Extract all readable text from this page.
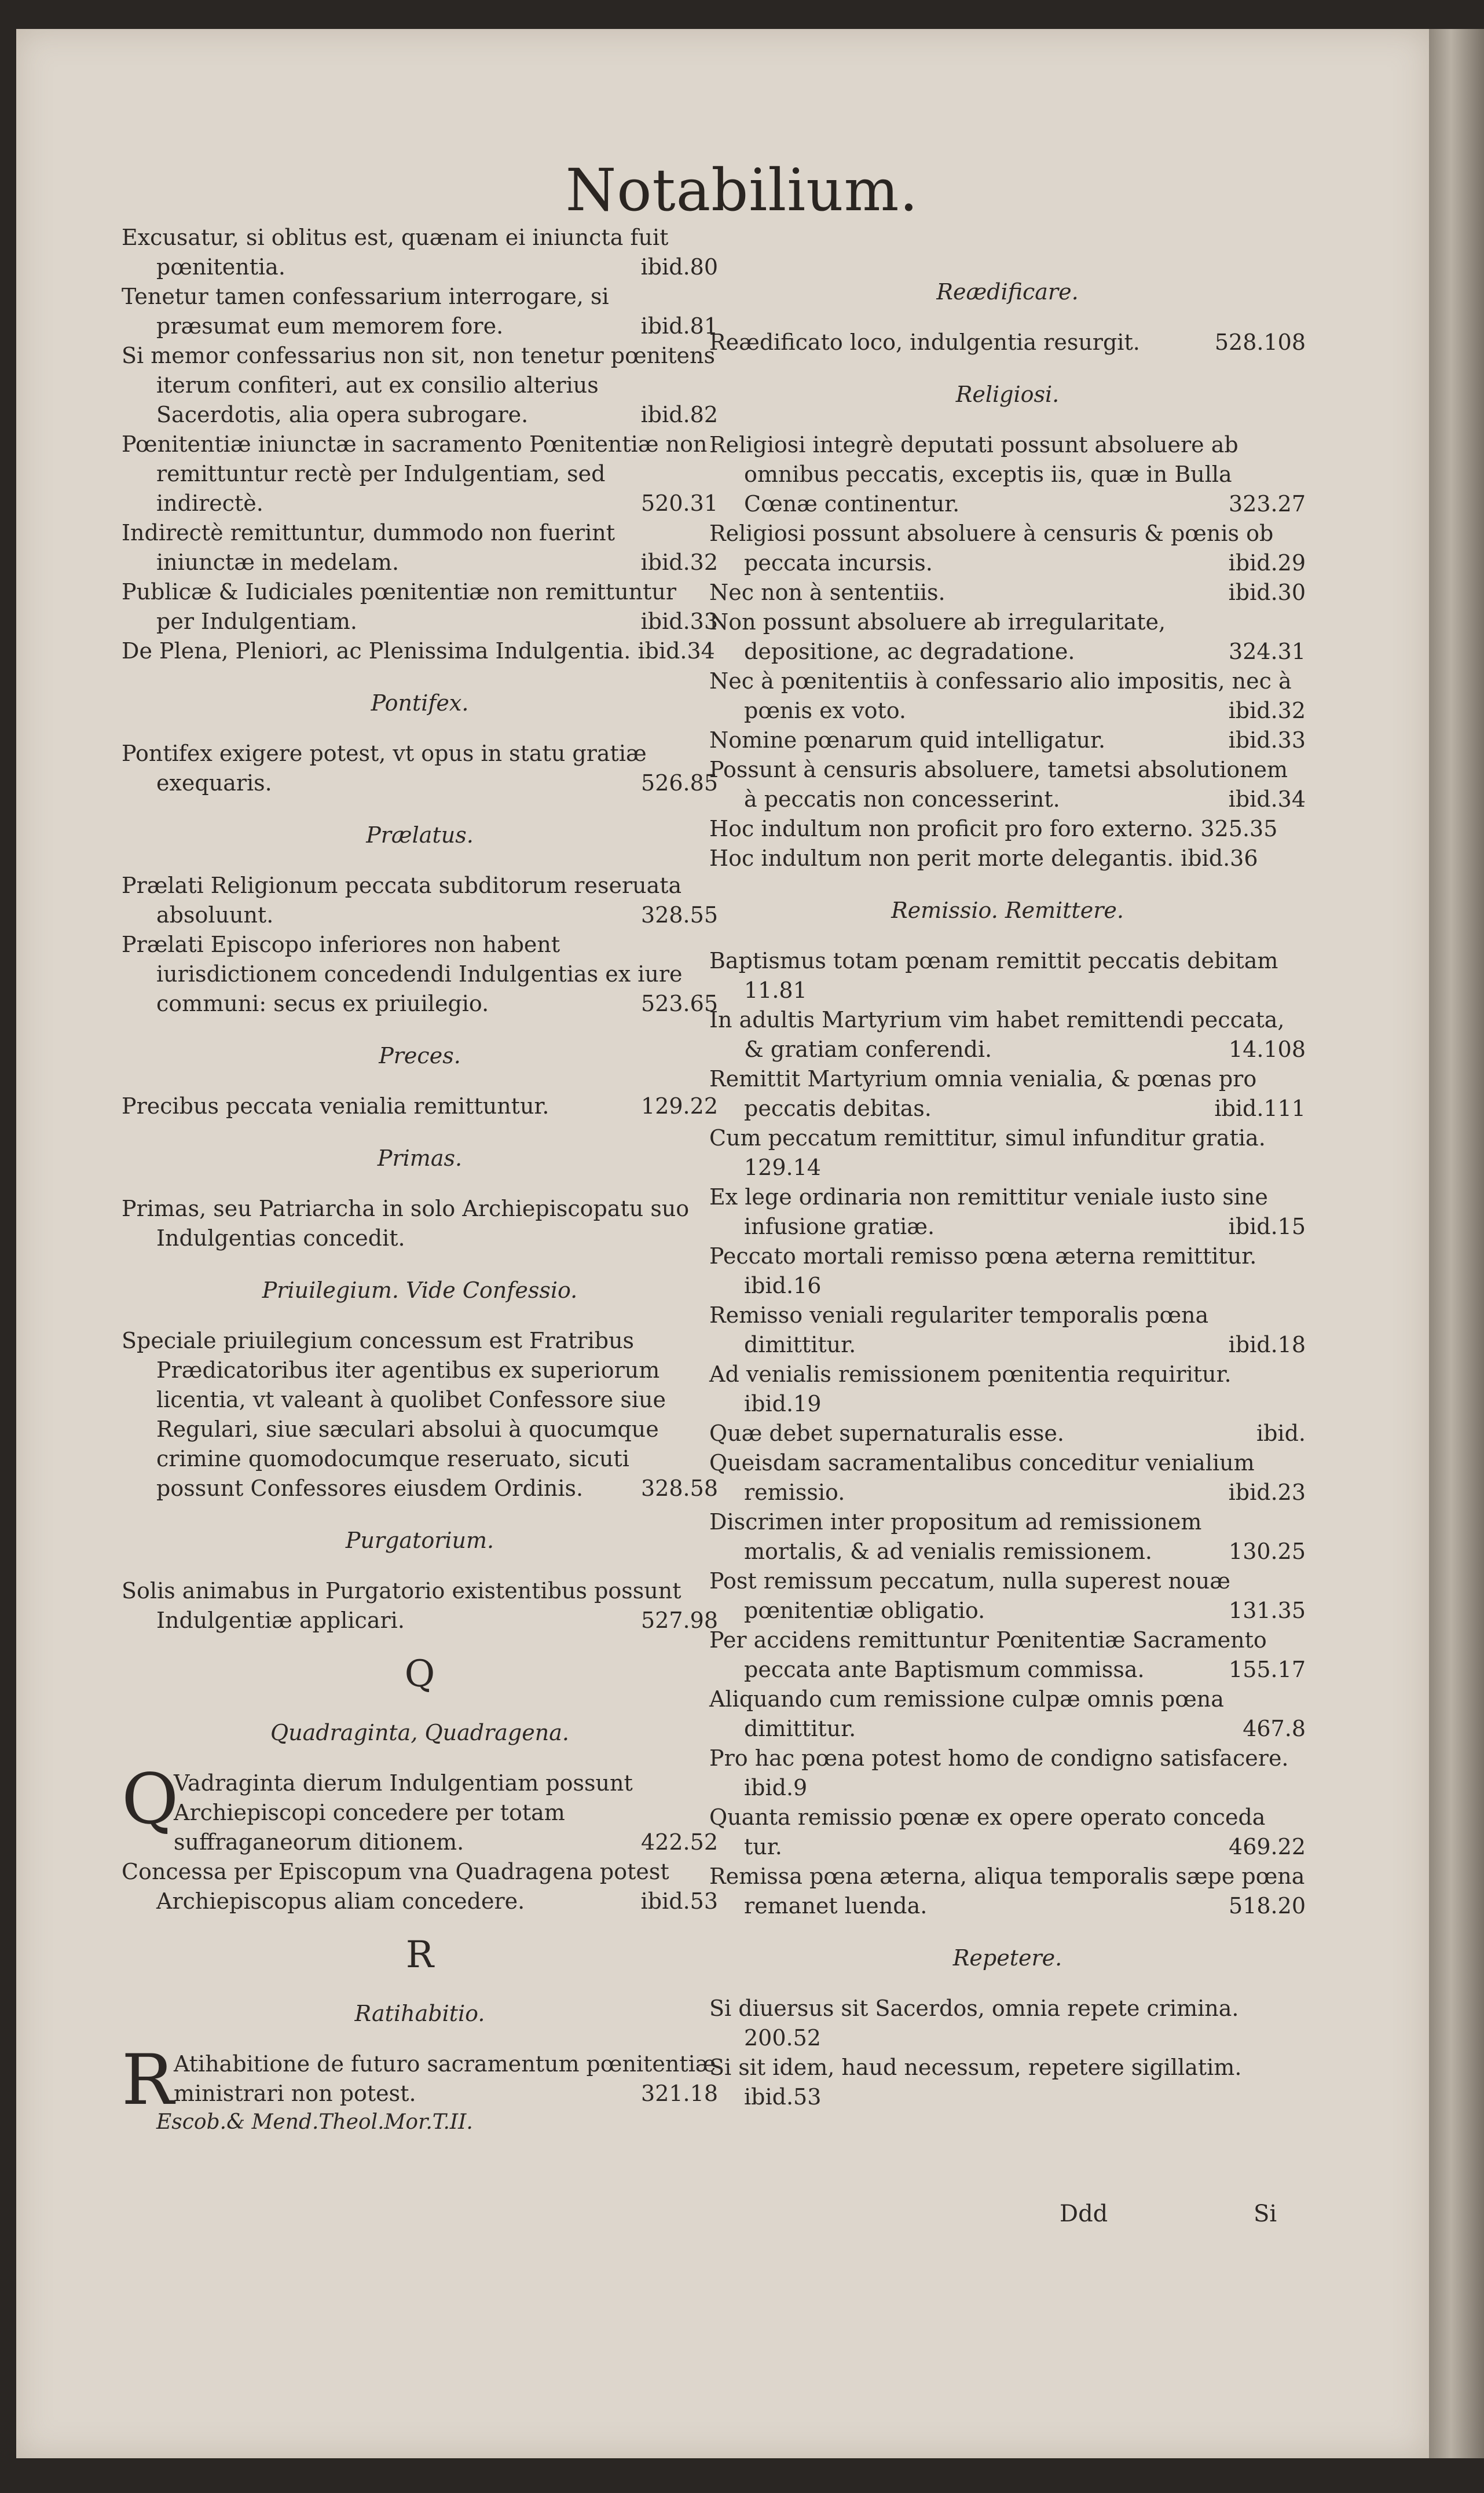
Notabilium.

Excusatur, si oblitus est, quænam ei iniuncta fuit pœnitentia.	ibid.80

Tenetur tamen confessarium interrogare, si præsumat eum memorem fore.	ibid.81

Si memor confessarius non sit, non tenetur pœnitens iterum confiteri, aut ex consilio alterius Sacerdotis, alia opera subrogare.	ibid.82

Pœnitentiæ iniunctæ in sacramento Pœnitentiæ non remittuntur rectè per Indulgentiam, sed indirectè.	520.31

Indirectè remittuntur, dummodo non fuerint iniunctæ in medelam.	ibid.32

Publicæ & Iudiciales pœnitentiæ non remittuntur per Indulgentiam.	ibid.33

De Plena, Pleniori, ac Plenissima Indulgentia. ibid.34

Pontifex.

Pontifex exigere potest, vt opus in statu gratiæ exequaris.	526.85

Prælatus.

Prælati Religionum peccata subditorum reseruata absoluunt.	328.55

Prælati Episcopo inferiores non habent iurisdictionem concedendi Indulgentias ex iure communi: secus ex priuilegio.	523.65

Preces.

Precibus peccata venialia remittuntur.	129.22

Primas.

Primas, seu Patriarcha in solo Archiepiscopatu suo Indulgentias concedit.

Priuilegium. Vide Confessio.

Speciale priuilegium concessum est Fratribus Prædicatoribus iter agentibus ex superiorum licentia, vt valeant à quolibet Confessore siue Regulari, siue sæculari absolui à quocumque crimine quomodocumque reseruato, sicuti possunt Confessores eiusdem Ordinis.	328.58

Purgatorium.

Solis animabus in Purgatorio existentibus possunt Indulgentiæ applicari.	527.98

Q
Quadraginta, Quadragena.
Q
Vadraginta dierum Indulgentiam possunt Archiepiscopi concedere per totam suffraganeorum ditionem.	422.52

Concessa per Episcopum vna Quadragena potest Archiepiscopus aliam concedere.	ibid.53

R
Ratihabitio.
R Atihabitione de futuro sacramentum pœnitentiæ ministrari non potest.	321.18
Escob.& Mend.Theol.Mor.T.II.
Reædificare.

Reædificato loco, indulgentia resurgit.	528.108

Religiosi.

Religiosi integrè deputati possunt absoluere ab omnibus peccatis, exceptis iis, quæ in Bulla Cœnæ continentur.	323.27

Religiosi possunt absoluere à censuris & pœnis ob peccata incursis.	ibid.29

Nec non à sententiis.	ibid.30

Non possunt absoluere ab irregularitate, depositione, ac degradatione.	324.31

Nec à pœnitentiis à confessario alio impositis, nec à pœnis ex voto.	ibid.32

Nomine pœnarum quid intelligatur.	ibid.33

Possunt à censuris absoluere, tametsi absolutionem à peccatis non concesserint.	ibid.34

Hoc indultum non proficit pro foro externo. 325.35

Hoc indultum non perit morte delegantis. ibid.36

Remissio. Remittere.

Baptismus totam pœnam remittit peccatis debitam 11.81

In adultis Martyrium vim habet remittendi peccata, & gratiam conferendi.	14.108

Remittit Martyrium omnia venialia, & pœnas pro peccatis debitas.	ibid.111

Cum peccatum remittitur, simul infunditur gratia. 129.14

Ex lege ordinaria non remittitur veniale iusto sine infusione gratiæ.	ibid.15

Peccato mortali remisso pœna æterna remittitur. ibid.16

Remisso veniali regulariter temporalis pœna dimittitur.	ibid.18

Ad venialis remissionem pœnitentia requiritur. ibid.19

Quæ debet supernaturalis esse.	ibid.

Queisdam sacramentalibus conceditur venialium remissio.	ibid.23

Discrimen inter propositum ad remissionem mortalis, & ad venialis remissionem.	130.25

Post remissum peccatum, nulla superest nouæ pœnitentiæ obligatio.	131.35

Per accidens remittuntur Pœnitentiæ Sacramento peccata ante Baptismum commissa.	155.17

Aliquando cum remissione culpæ omnis pœna dimittitur.	467.8

Pro hac pœna potest homo de condigno satisfacere. ibid.9

Quanta remissio pœnæ ex opere operato conceda tur.	469.22

Remissa pœna æterna, aliqua temporalis sæpe pœna remanet luenda.	518.20

Repetere.

Si diuersus sit Sacerdos, omnia repete crimina. 200.52

Si sit idem, haud necessum, repetere sigillatim. ibid.53

Ddd	Si
